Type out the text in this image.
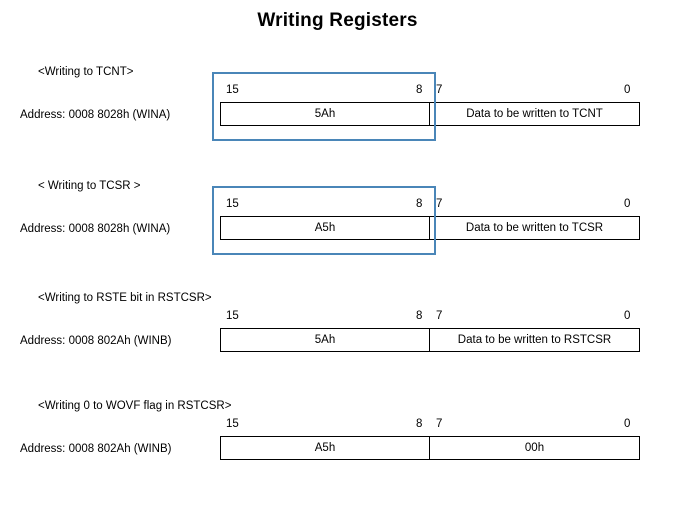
Writing Registers
<Writing to TCNT>
Address: 0008 8028h (WINA)
15	8 7	0
5Ah	Data to be written to TCNT
< Writing to TCSR >
Address: 0008 8028h (WINA)
15	8 7	0
A5h	Data to be written to TCSR
<Writing to RSTE bit in RSTCSR>
Address: 0008 802Ah (WINB)
15	8 7	0
5Ah	Data to be written to RSTCSR
<Writing 0 to WOVF flag in RSTCSR>
Address: 0008 802Ah (WINB)
15	8 7	0
A5h	00h
